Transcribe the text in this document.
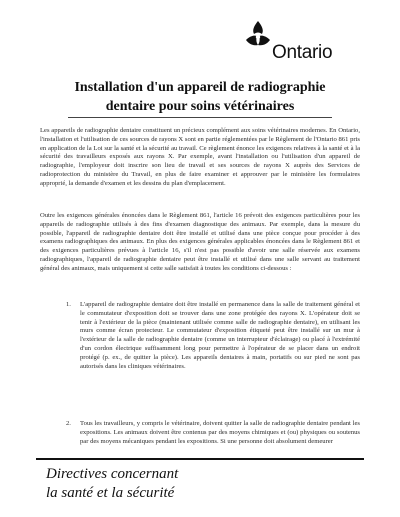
Ontario
Installation d'un appareil de radiographie
dentaire pour soins vétérinaires

Les appareils de radiographie dentaire constituent un précieux complément aux soins vétérinaires modernes. En Ontario, l'installation et l'utilisation de ces sources de rayons X sont en partie réglementées par le Règlement de l'Ontario 861 pris en application de la Loi sur la santé et la sécurité au travail. Ce règlement énonce les exigences relatives à la santé et à la sécurité des travailleurs exposés aux rayons X. Par exemple, avant l'installation ou l'utilisation d'un appareil de radiographie, l'employeur doit inscrire son lieu de travail et ses sources de rayons X auprès des Services de radioprotection du ministère du Travail, en plus de faire examiner et approuver par le ministère les formulaires approprié, la demande d'examen et les dessins du plan d'emplacement.

Outre les exigences générales énoncées dans le Règlement 861, l'article 16 prévoit des exigences particulières pour les appareils de radiographie utilisés à des fins d'examen diagnostique des animaux. Par exemple, dans la mesure du possible, l'appareil de radiographie dentaire doit être installé et utilisé dans une pièce conçue pour procéder à des examens radiographiques des animaux. En plus des exigences générales applicables énoncées dans le Règlement 861 et des exigences particulières prévues à l'article 16, s'il n'est pas possible d'avoir une salle réservée aux examens radiographiques, l'appareil de radiographie dentaire peut être installé et utilisé dans une salle servant au traitement général des animaux, mais uniquement si cette salle satisfait à toutes les conditions ci-dessous :

1. L'appareil de radiographie dentaire doit être installé en permanence dans la salle de traitement général et le commutateur d'exposition doit se trouver dans une zone protégée des rayons X. L'opérateur doit se tenir à l'extérieur de la pièce (maintenant utilisée comme salle de radiographie dentaire), en utilisant les murs comme écran protecteur. Le commutateur d'exposition étiqueté peut être installé sur un mur à l'extérieur de la salle de radiographie dentaire (comme un interrupteur d'éclairage) ou placé à l'extrémité d'un cordon électrique suffisamment long pour permettre à l'opérateur de se placer dans un endroit protégé (p. ex., de quitter la pièce). Les appareils dentaires à main, portatifs ou sur pied ne sont pas autorisés dans les cliniques vétérinaires.

2. Tous les travailleurs, y compris le vétérinaire, doivent quitter la salle de radiographie dentaire pendant les expositions. Les animaux doivent être contenus par des moyens chimiques et (ou) physiques ou soutenus par des moyens mécaniques pendant les expositions. Si une personne doit absolument demeurer

Directives concernant
la santé et la sécurité
